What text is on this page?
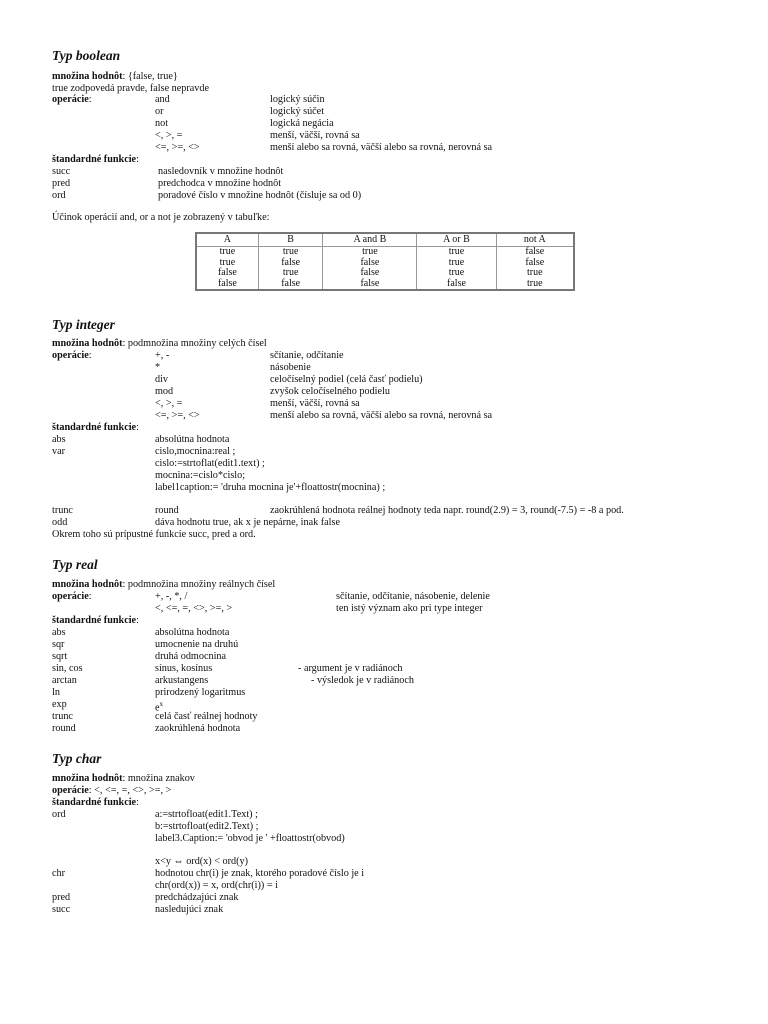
Typ boolean
množina hodnôt: {false, true}
true zodpovedá pravde, false nepravde
operácie:	and	logický súčin
or	logický súčet
not	logická negácia
<, >, =	menší, väčší, rovná sa
<=, >=, <>	menší alebo sa rovná, väčší alebo sa rovná, nerovná sa
štandardné funkcie:
succ	nasledovník v množine hodnôt
pred	predchodca v množine hodnôt
ord	poradové číslo v množine hodnôt (čísluje sa od 0)
Účinok operácií and, or a not je zobrazený v tabuľke:
A	B	A and B	A or B	not A
true	true	true	true	false
true	false	false	true	false
false	true	false	true	true
false	false	false	false	true
Typ integer
množina hodnôt: podmnožina množiny celých čísel
operácie:	+, -	sčítanie, odčítanie
*	násobenie
div	celočíselný podiel (celá časť podielu)
mod	zvyšok celočíselného podielu
<, >, =	menší, väčší, rovná sa
<=, >=, <>	menší alebo sa rovná, väčší alebo sa rovná, nerovná sa
štandardné funkcie:
abs	absolútna hodnota
var	cislo,mocnina:real ;
cislo:=strtoflat(edit1.text) ;
mocnina:=cislo*cislo;
label1caption:= 'druha mocnina je'+floattostr(mocnina) ;
trunc	round	zaokrúhlená hodnota reálnej hodnoty teda napr. round(2.9) = 3, round(-7.5) = -8 a pod.
odd	dáva hodnotu true, ak x je nepárne, inak false
Okrem toho sú prípustné funkcie succ, pred a ord.
Typ real
množina hodnôt: podmnožina množiny reálnych čísel
operácie:	+, -, *, /	sčítanie, odčítanie, násobenie, delenie
<, <=, =, <>, >=, >	ten istý význam ako pri type integer
štandardné funkcie:
abs	absolútna hodnota
sqr	umocnenie na druhú
sqrt	druhá odmocnina
sin, cos	sínus, kosínus	- argument je v radiánoch
arctan	arkustangens	- výsledok je v radiánoch
ln	prirodzený logaritmus
exp	$e^x$
trunc	celá časť reálnej hodnoty
round	zaokrúhlená hodnota
Typ char
množina hodnôt: množina znakov
operácie: <, <=, =, <>, >=, >
štandardné funkcie:
ord	a:=strtofloat(edit1.Text) ;
b:=strtofloat(edit2.Text) ;
label3.Caption:= 'obvod je ' +floattostr(obvod)
x<y ⇔ ord(x) < ord(y)
chr	hodnotou chr(i) je znak, ktorého poradové číslo je i
chr(ord(x)) = x, ord(chr(i)) = i
pred	predchádzajúci znak
succ	nasledujúci znak
